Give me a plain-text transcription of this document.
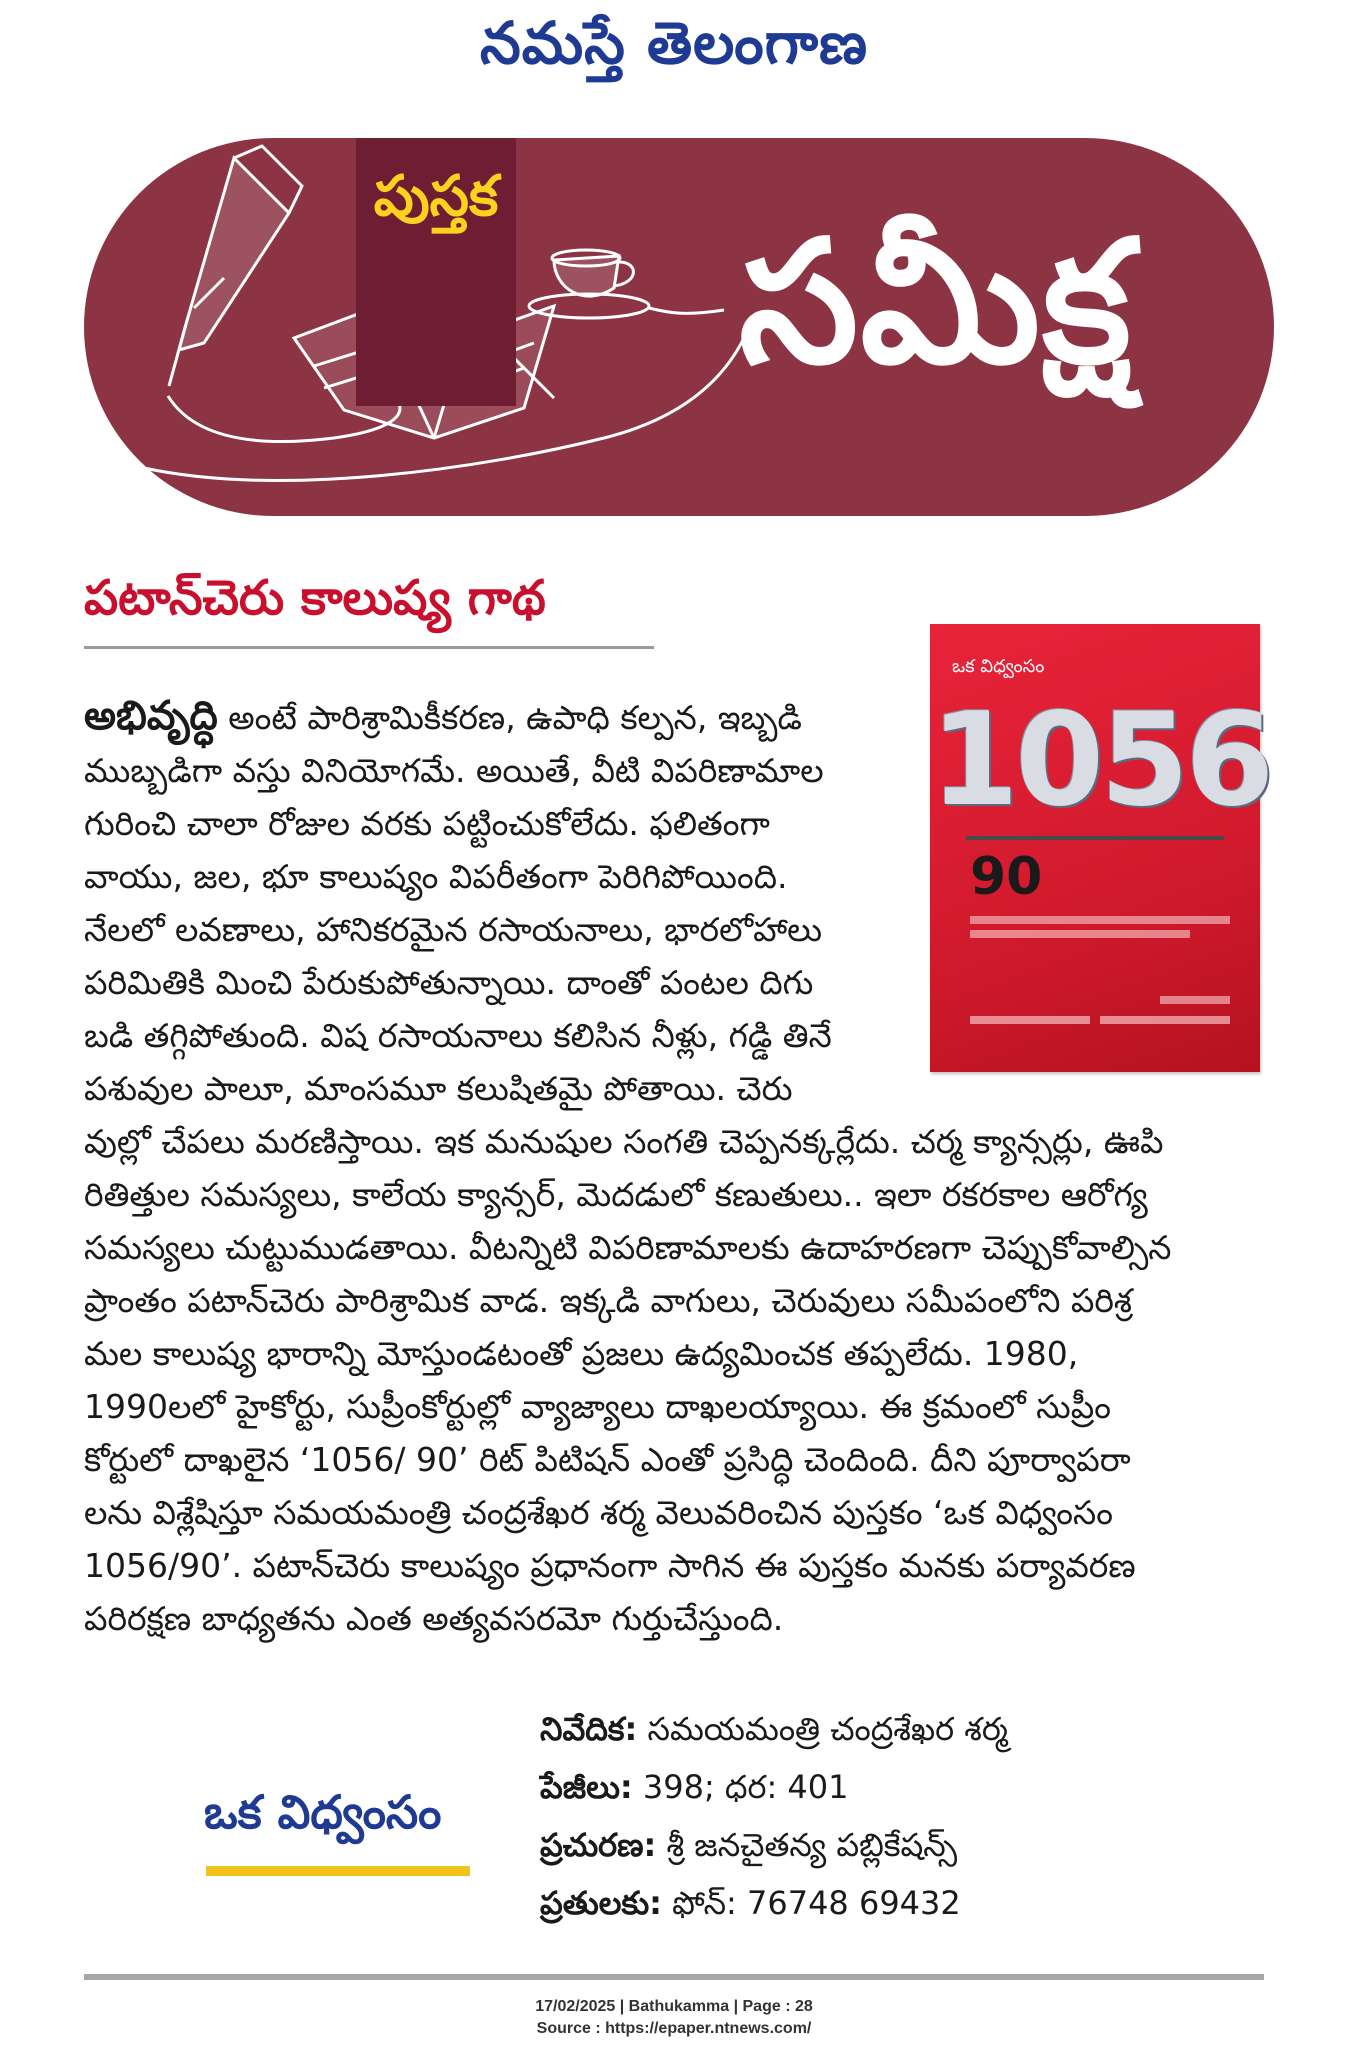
నమస్తే తెలంగాణ
పుస్తక
సమీక్ష
పటాన్‌చెరు కాలుష్య గాథ
ఒక విధ్వంసం
1056
90
అభివృద్ధి అంటే పారిశ్రామికీకరణ, ఉపాధి కల్పన, ఇబ్బడి
ముబ్బడిగా వస్తు వినియోగమే. అయితే, వీటి విపరిణామాల
గురించి చాలా రోజుల వరకు పట్టించుకోలేదు. ఫలితంగా
వాయు, జల, భూ కాలుష్యం విపరీతంగా పెరిగిపోయింది.
నేలలో లవణాలు, హానికరమైన రసాయనాలు, భారలోహాలు
పరిమితికి మించి పేరుకుపోతున్నాయి. దాంతో పంటల దిగు
బడి తగ్గిపోతుంది. విష రసాయనాలు కలిసిన నీళ్లు, గడ్డి తినే
పశువుల పాలూ, మాంసమూ కలుషితమై పోతాయి. చెరు
వుల్లో చేపలు మరణిస్తాయి. ఇక మనుషుల సంగతి చెప్పనక్కర్లేదు. చర్మ క్యాన్సర్లు, ఊపి
రితిత్తుల సమస్యలు, కాలేయ క్యాన్సర్, మెదడులో కణుతులు.. ఇలా రకరకాల ఆరోగ్య
సమస్యలు చుట్టుముడతాయి. వీటన్నిటి విపరిణామాలకు ఉదాహరణగా చెప్పుకోవాల్సిన
ప్రాంతం పటాన్‌చెరు పారిశ్రామిక వాడ. ఇక్కడి వాగులు, చెరువులు సమీపంలోని పరిశ్ర
మల కాలుష్య భారాన్ని మోస్తుండటంతో ప్రజలు ఉద్యమించక తప్పలేదు. 1980,
1990లలో హైకోర్టు, సుప్రీంకోర్టుల్లో వ్యాజ్యాలు దాఖలయ్యాయి. ఈ క్రమంలో సుప్రీం
కోర్టులో దాఖలైన ‘1056/ 90’ రిట్ పిటిషన్ ఎంతో ప్రసిద్ధి చెందింది. దీని పూర్వాపరా
లను విశ్లేషిస్తూ సమయమంత్రి చంద్రశేఖర శర్మ వెలువరించిన పుస్తకం ‘ఒక విధ్వంసం
1056/90’. పటాన్‌చెరు కాలుష్యం ప్రధానంగా సాగిన ఈ పుస్తకం మనకు పర్యావరణ
పరిరక్షణ బాధ్యతను ఎంత అత్యవసరమో గుర్తుచేస్తుంది.
ఒక విధ్వంసం
నివేదిక: సమయమంత్రి చంద్రశేఖర శర్మ
పేజీలు: 398; ధర: 401
ప్రచురణ: శ్రీ జనచైతన్య పబ్లికేషన్స్
ప్రతులకు: ఫోన్: 76748 69432
17/02/2025 | Bathukamma | Page : 28
Source : https://epaper.ntnews.com/
